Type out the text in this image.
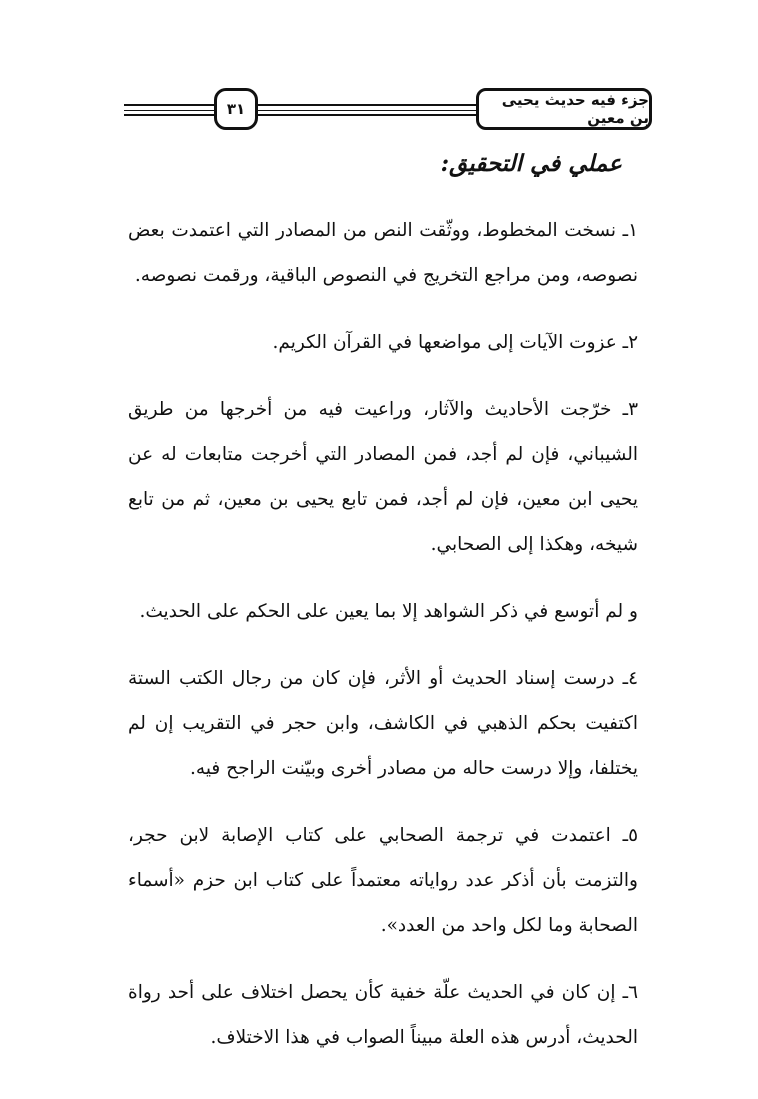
جزء فيه حديث يحيى بن معين
٣١
عملي في التحقيق:

١ـ نسخت المخطوط، ووثّقت النص من المصادر التي اعتمدت بعض نصوصه، ومن مراجع التخريج في النصوص الباقية، ورقمت نصوصه.

٢ـ عزوت الآيات إلى مواضعها في القرآن الكريم.

٣ـ خرّجت الأحاديث والآثار، وراعيت فيه من أخرجها من طريق الشيباني، فإن لم أجد، فمن المصادر التي أخرجت متابعات له عن يحيى ابن معين، فإن لم أجد، فمن تابع يحيى بن معين، ثم من تابع شيخه، وهكذا إلى الصحابي.

و لم أتوسع في ذكر الشواهد إلا بما يعين على الحكم على الحديث.

٤ـ درست إسناد الحديث أو الأثر، فإن كان من رجال الكتب الستة اكتفيت بحكم الذهبي في الكاشف، وابن حجر في التقريب إن لم يختلفا، وإلا درست حاله من مصادر أخرى وبيّنت الراجح فيه.

٥ـ اعتمدت في ترجمة الصحابي على كتاب الإصابة لابن حجر، والتزمت بأن أذكر عدد رواياته معتمداً على كتاب ابن حزم «أسماء الصحابة وما لكل واحد من العدد».

٦ـ إن كان في الحديث علّة خفية كأن يحصل اختلاف على أحد رواة الحديث، أدرس هذه العلة مبيناً الصواب في هذا الاختلاف.
